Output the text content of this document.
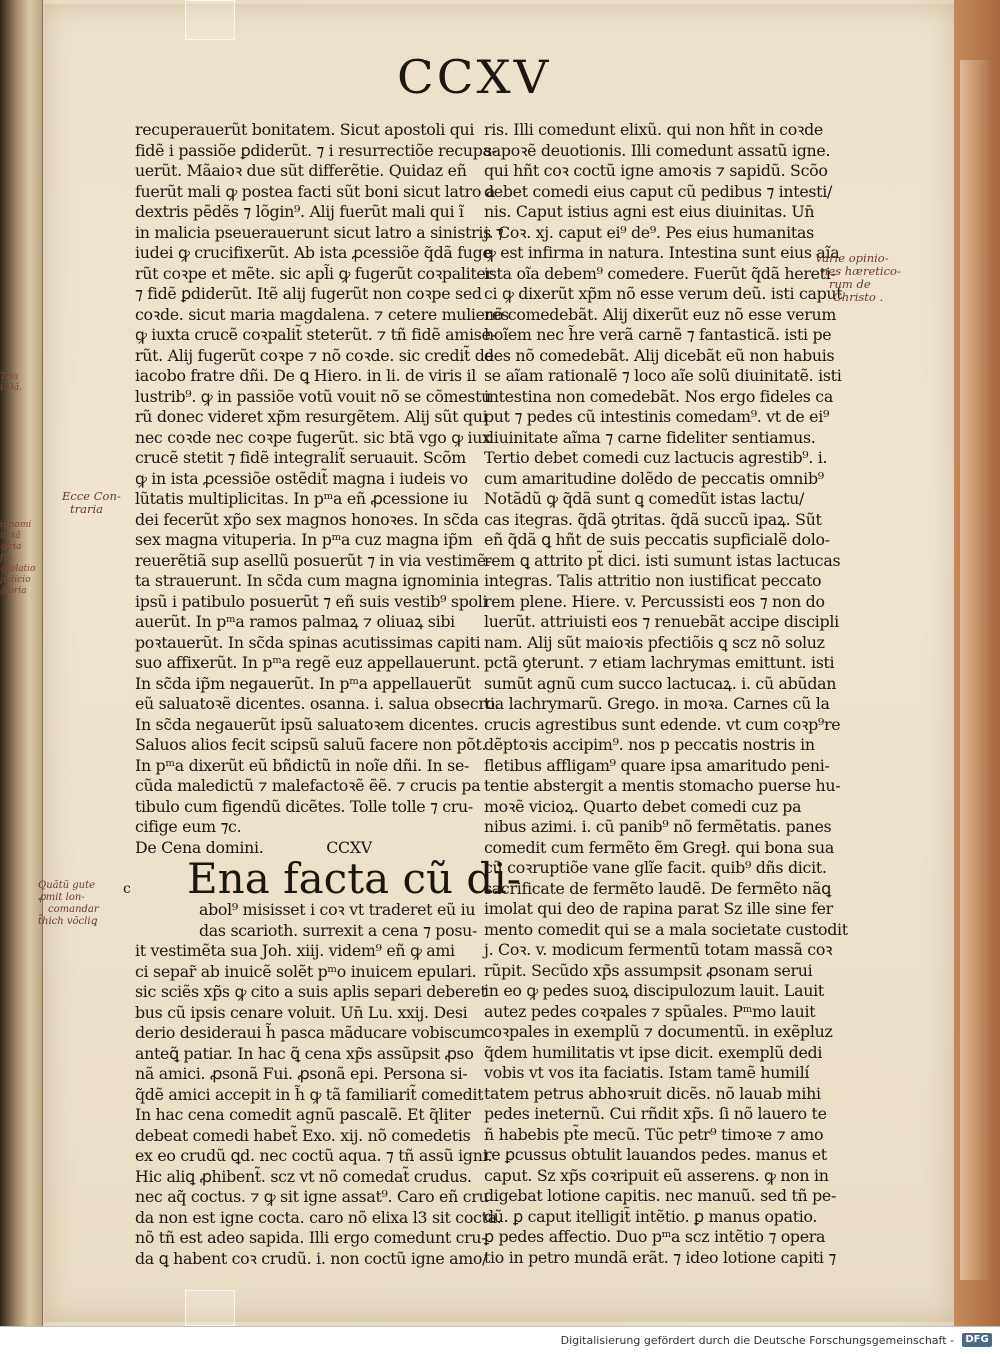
CCXV
recuperauerũt bonitatem. Sicut apostoli qui
fidẽ i passiõe ꝑdiderũt. ⁊ i resurrectiõe recupa‑
uerũt. Mãaioꝛ due sũt differẽtie. Quidaz eñ
fuerũt mali ꝙ postea facti sũt boni sicut latro a
dextris pẽdẽs ⁊ lõgin⁹. Alij fuerũt mali qui ĩ
in malicia pseuerauerunt sicut latro a sinistris ⁊
iudei ꝙ crucifixerũt. Ab ista ꝓcessiõe q̃dã fuge
rũt coꝛpe et mẽte. sic apl̃i ꝙ fugerũt coꝛpaliter
⁊ fidẽ ꝑdiderũt. Itẽ alij fugerũt non coꝛpe sed
coꝛde. sicut maria magdalena. ⁊ cetere mulieres
ꝙ iuxta crucẽ coꝛpalit̃ steterũt. ⁊ tñ fidẽ amise‑
rũt. Alij fugerũt coꝛpe ⁊ nõ coꝛde. sic credit̃ de
iacobo fratre dñi. De ꝗ Hiero. in li. de viris il
lustrib⁹. ꝙ in passiõe votũ vouit nõ se cõmestu
rũ donec videret xp̃m resurgẽtem. Alij sũt qui
nec coꝛde nec coꝛpe fugerũt. sic btã vgo ꝙ iux
crucẽ stetit ⁊ fidẽ integralit̃ seruauit. Scõm
ꝙ in ista ꝓcessiõe ostẽdit̃ magna i iudeis vo
lũtatis multiplicitas. In pᵐa eñ ꝓcessione iu
dei fecerũt xp̃o sex magnos honoꝛes. In sc̃da
sex magna vituperia. In pᵐa cuz magna ip̃m
reuerẽtiã sup asellũ posuerũt ⁊ in via vestimẽ‑
ta strauerunt. In sc̃da cum magna ignominia
ipsũ i patibulo posuerũt ⁊ eñ suis vestib⁹ spoli
auerũt. In pᵐa ramos palmaꝝ ⁊ oliuaꝝ sibi
poꝛtauerũt. In sc̃da spinas acutissimas capiti
suo affixerũt. In pᵐa regẽ euz appellauerunt.
In sc̃da ip̃m negauerũt. In pᵐa appellauerũt
eũ saluatoꝛẽ dicentes. osanna. i. salua obsecro.
In sc̃da negauerũt ipsũ saluatoꝛem dicentes.
Saluos alios fecit scipsũ saluũ facere non põt.
In pᵐa dixerũt eũ bñdictũ in noĩe dñi. In se‑
cũda maledictũ ⁊ malefactoꝛẽ ẽẽ. ⁊ crucis pa
tibulo cum figendũ dicẽtes. Tolle tolle ⁊ cru‑
cifige eum ⁊c.
De Cena domini.	CCXV
c Ena facta cũ di‑
abol⁹ misisset i coꝛ vt traderet eũ iu
das scarioth. surrexit a cena ⁊ posu‑
it vestimẽta sua Joh. xiij. videm⁹ eñ ꝙ ami
ci separ̃ ab inuicẽ solẽt pᵐo inuicem epulari.
sic sciẽs xp̃s ꝙ cito a suis aplis separi deberet
bus cũ ipsis cenare voluit. Un̄ Lu. xxij. Desi
derio desideraui h̃ pasca mãducare vobiscum
anteꝗ̃ patiar. In hac ꝗ̃ cena xp̃s assũpsit ꝓso
nã amici. ꝓsonã Fui. ꝓsonã epi. Persona si‑
q̃dẽ amici accepit in h̃ ꝙ tã familiarit̃ comedit
In hac cena comedit agnũ pascalẽ. Et q̃liter
debeat comedi habet̃ Exo. xij. nõ comedetis
ex eo crudũ ꝗd. nec coctũ aqua. ⁊ tñ assũ igni.
Hic aliꝗ ꝓhibent̃. scz vt nõ comedat̃ crudus.
nec aq̃ coctus. ⁊ ꝙ sit igne assat⁹. Caro eñ cru
da non est igne cocta. caro nõ elixa l3 sit cocta.
nõ tñ est adeo sapida. Illi ergo comedunt cru‑
da ꝗ habent coꝛ crudũ. i. non coctũ igne amo/
ris. Illi comedunt elixũ. qui non hñt in coꝛde
sapoꝛẽ deuotionis. Illi comedunt assatũ igne.
qui hñt coꝛ coctũ igne amoꝛis ⁊ sapidũ. Scõo
debet comedi eius caput cũ pedibus ⁊ intesti/
nis. Caput istius agni est eius diuinitas. Un̄
j. Coꝛ. xj. caput ei⁹ de⁹. Pes eius humanitas
ꝙ est infirma in natura. Intestina sunt eius aĩa
ista oĩa debem⁹ comedere. Fuerũt q̃dã hereti‑
ci ꝙ dixerũt xp̃m nõ esse verum deũ. isti caput
nõ comedebãt. Alij dixerũt euz nõ esse verum
hoĩem nec h̃re verã carnẽ ⁊ fantasticã. isti pe
des nõ comedebãt. Alij dicebãt eũ non habuis
se aĩam rationalẽ ⁊ loco aĩe solũ diuinitatẽ. isti
intestina non comedebãt. Nos ergo fideles ca
put ⁊ pedes cũ intestinis comedam⁹. vt de ei⁹
diuinitate aĩma ⁊ carne fideliter sentiamus.
Tertio debet comedi cuz lactucis agrestib⁹. i.
cum amaritudine dolẽdo de peccatis omnib⁹
Notãdũ ꝙ q̃dã sunt ꝗ comedũt istas lactu/
cas itegras. q̃dã ꝯtritas. q̃dã succũ ipaꝝ. Sũt
eñ q̃dã ꝗ hñt de suis peccatis supficialẽ dolo‑
rem ꝗ attrito pt̃ dici. isti sumunt istas lactucas
integras. Talis attritio non iustificat peccato
rem plene. Hiere. v. Percussisti eos ⁊ non do
luerũt. attriuisti eos ⁊ renuebãt accipe discipli
nam. Alij sũt maioꝛis pfectiõis ꝗ scz nõ soluz
pctã ꝯterunt. ⁊ etiam lachrymas emittunt. isti
sumũt agnũ cum succo lactucaꝝ. i. cũ abũdan
tia lachrymarũ. Grego. in moꝛa. Carnes cũ la
crucis agrestibus sunt edende. vt cum coꝛp⁹re
dẽptoꝛis accipim⁹. nos p peccatis nostris in
fletibus affligam⁹ quare ipsa amaritudo peni‑
tentie abstergit a mentis stomacho puerse hu‑
moꝛẽ vicioꝝ. Quarto debet comedi cuz pa
nibus azimi. i. cũ panib⁹ nõ fermẽtatis. panes
comedit cum fermẽto ẽm Gregł. qui bona sua
cũ coꝛruptiõe vane glĩe facit. quib⁹ dñs dicit.
sacrificate de fermẽto laudẽ. De fermẽto nãꝗ
imolat qui deo de rapina parat Sz ille sine fer
mento comedit qui se a mala societate custodit
j. Coꝛ. v. modicum fermentũ totam massã coꝛ
rũpit. Secũdo xp̃s assumpsit ꝓsonam serui
in eo ꝙ pedes suoꝝ discipulozum lauit. Lauit
autez pedes coꝛpales ⁊ spũales. Pᵐmo lauit
coꝛpales in exemplũ ⁊ documentũ. in exẽpluz
q̃dem humilitatis vt ipse dicit. exemplũ dedi
vobis vt vos ita faciatis. Istam tamẽ humilí
tatem petrus abhoꝛruit dicẽs. nõ lauab mihi
pedes ineternũ. Cui rñdit xp̃s. ſi nõ lauero te
ñ habebis pt̃e mecũ. Tũc petr⁹ timoꝛe ⁊ amo
re ꝑcussus obtulit lauandos pedes. manus et
caput. Sz xp̃s coꝛripuit eũ asserens. ꝙ non in
digebat lotione capitis. nec manuũ. sed tñ pe‑
dũ. ꝑ caput itelligit̃ intẽtio. ꝑ manus opatio.
ꝑ pedes affectio. Duo pᵐa scz intẽtio ⁊ opera
tio in petro mundã erãt. ⁊ ideo lotione capiti ⁊
Varie opinio‑
nes hæretico‑
rum de
Christo .
Ecce Con‑
traria
Quãtũ gute
ꝓmit lon‑
comandar
t̃hich võcliꝗ
Tria
t̃ Dã.
ignomi
in tã
ꝯtria
fm
ꝯsolatio
judicio
gloria
Digitalisierung gefördert durch die Deutsche Forschungsgemeinschaft -	DFG
